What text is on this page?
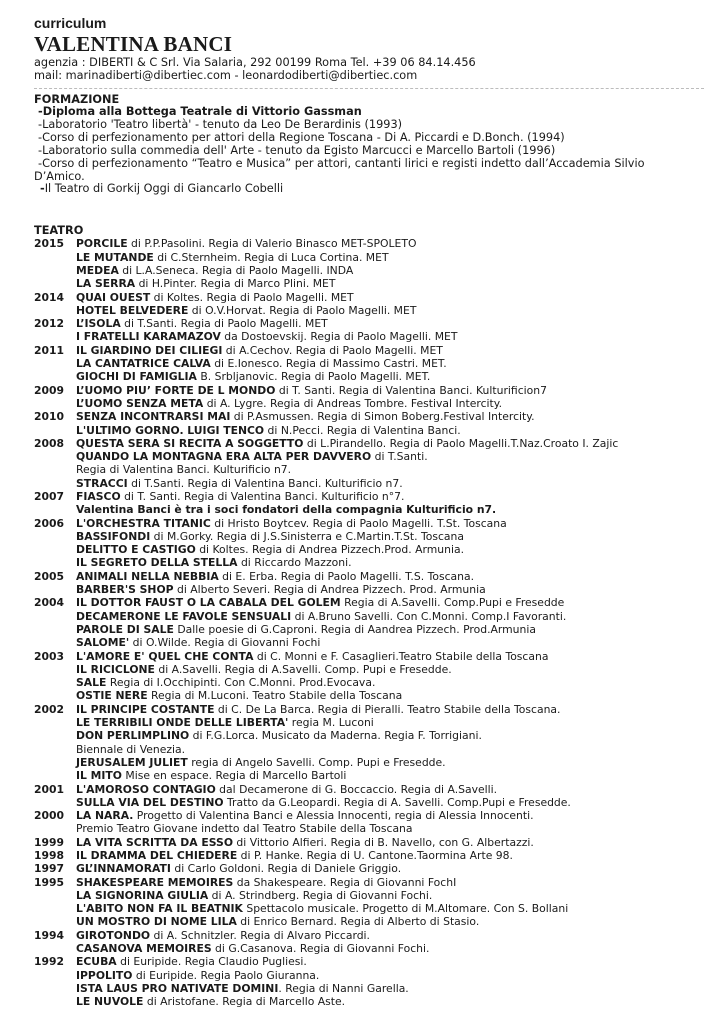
curriculum
VALENTINA BANCI
agenzia : DIBERTI & C Srl. Via Salaria, 292 00199 Roma Tel. +39 06 84.14.456
mail: marinadiberti@dibertiec.com - leonardodiberti@dibertiec.com
FORMAZIONE
-Diploma alla Bottega Teatrale di Vittorio Gassman
-Laboratorio 'Teatro libertà' - tenuto da Leo De Berardinis (1993)
-Corso di perfezionamento per attori della Regione Toscana - Di A. Piccardi e D.Bonch. (1994)
-Laboratorio sulla commedia dell' Arte - tenuto da Egisto Marcucci e Marcello Bartoli (1996)
-Corso di perfezionamento “Teatro e Musica” per attori, cantanti lirici e registi indetto dall’Accademia Silvio
D’Amico.
-Il Teatro di Gorkij Oggi di Giancarlo Cobelli
TEATRO
2015 PORCILE di P.P.Pasolini. Regia di Valerio Binasco MET-SPOLETO
LE MUTANDE di C.Sternheim. Regia di Luca Cortina. MET
MEDEA di L.A.Seneca. Regia di Paolo Magelli. INDA
LA SERRA di H.Pinter. Regia di Marco Plini. MET
2014 QUAI OUEST di Koltes. Regia di Paolo Magelli. MET
HOTEL BELVEDERE di O.V.Horvat. Regia di Paolo Magelli. MET
2012 L’ISOLA di T.Santi. Regia di Paolo Magelli. MET
I FRATELLI KARAMAZOV da Dostoevskij. Regia di Paolo Magelli. MET
2011 IL GIARDINO DEI CILIEGI di A.Cechov. Regia di Paolo Magelli. MET
LA CANTATRICE CALVA di E.Ionesco. Regia di Massimo Castri. MET.
GIOCHI DI FAMIGLIA B. Srbljanovic. Regia di Paolo Magelli. MET.
2009 L’UOMO PIU’ FORTE DE L MONDO di T. Santi. Regia di Valentina Banci. Kulturificion7
L’UOMO SENZA META di A. Lygre. Regia di Andreas Tombre. Festival Intercity.
2010 SENZA INCONTRARSI MAI di P.Asmussen. Regia di Simon Boberg.Festival Intercity.
L'ULTIMO GORNO. LUIGI TENCO di N.Pecci. Regia di Valentina Banci.
2008 QUESTA SERA SI RECITA A SOGGETTO di L.Pirandello. Regia di Paolo Magelli.T.Naz.Croato I. Zajic
QUANDO LA MONTAGNA ERA ALTA PER DAVVERO di T.Santi.
Regia di Valentina Banci. Kulturificio n7.
STRACCI di T.Santi. Regia di Valentina Banci. Kulturificio n7.
2007 FIASCO di T. Santi. Regia di Valentina Banci. Kulturificio n°7.
Valentina Banci è tra i soci fondatori della compagnia Kulturificio n7.
2006 L'ORCHESTRA TITANIC di Hristo Boytcev. Regia di Paolo Magelli. T.St. Toscana
BASSIFONDI di M.Gorky. Regia di J.S.Sinisterra e C.Martin.T.St. Toscana
DELITTO E CASTIGO di Koltes. Regia di Andrea Pizzech.Prod. Armunia.
IL SEGRETO DELLA STELLA di Riccardo Mazzoni.
2005 ANIMALI NELLA NEBBIA di E. Erba. Regia di Paolo Magelli. T.S. Toscana.
BARBER'S SHOP di Alberto Severi. Regia di Andrea Pizzech. Prod. Armunia
2004 IL DOTTOR FAUST O LA CABALA DEL GOLEM Regia di A.Savelli. Comp.Pupi e Fresedde
DECAMERONE LE FAVOLE SENSUALI di A.Bruno Savelli. Con C.Monni. Comp.I Favoranti.
PAROLE DI SALE Dalle poesie di G.Caproni. Regia di Aandrea Pizzech. Prod.Armunia
SALOME' di O.Wilde. Regia di Giovanni Fochi
2003 L'AMORE E' QUEL CHE CONTA di C. Monni e F. Casaglieri.Teatro Stabile della Toscana
IL RICICLONE di A.Savelli. Regia di A.Savelli. Comp. Pupi e Fresedde.
SALE Regia di I.Occhipinti. Con C.Monni. Prod.Evocava.
OSTIE NERE Regia di M.Luconi. Teatro Stabile della Toscana
2002 IL PRINCIPE COSTANTE di C. De La Barca. Regia di Pieralli. Teatro Stabile della Toscana.
LE TERRIBILI ONDE DELLE LIBERTA' regia M. Luconi
DON PERLIMPLINO di F.G.Lorca. Musicato da Maderna. Regia F. Torrigiani.
Biennale di Venezia.
JERUSALEM JULIET regia di Angelo Savelli. Comp. Pupi e Fresedde.
IL MITO Mise en espace. Regia di Marcello Bartoli
2001 L'AMOROSO CONTAGIO dal Decamerone di G. Boccaccio. Regia di A.Savelli.
SULLA VIA DEL DESTINO Tratto da G.Leopardi. Regia di A. Savelli. Comp.Pupi e Fresedde.
2000 LA NARA. Progetto di Valentina Banci e Alessia Innocenti, regia di Alessia Innocenti.
Premio Teatro Giovane indetto dal Teatro Stabile della Toscana
1999 LA VITA SCRITTA DA ESSO di Vittorio Alfieri. Regia di B. Navello, con G. Albertazzi.
1998 IL DRAMMA DEL CHIEDERE di P. Hanke. Regia di U. Cantone.Taormina Arte 98.
1997 GL’INNAMORATI di Carlo Goldoni. Regia di Daniele Griggio.
1995 SHAKESPEARE MEMOIRES da Shakespeare. Regia di Giovanni FochI
LA SIGNORINA GIULIA di A. Strindberg. Regia di Giovanni Fochi.
L'ABITO NON FA IL BEATNIK Spettacolo musicale. Progetto di M.Altomare. Con S. Bollani
UN MOSTRO DI NOME LILA di Enrico Bernard. Regia di Alberto di Stasio.
1994 GIROTONDO di A. Schnitzler. Regia di Alvaro Piccardi.
CASANOVA MEMOIRES di G.Casanova. Regia di Giovanni Fochi.
1992 ECUBA di Euripide. Regia Claudio Pugliesi.
IPPOLITO di Euripide. Regia Paolo Giuranna.
ISTA LAUS PRO NATIVATE DOMINI. Regia di Nanni Garella.
LE NUVOLE di Aristofane. Regia di Marcello Aste.
